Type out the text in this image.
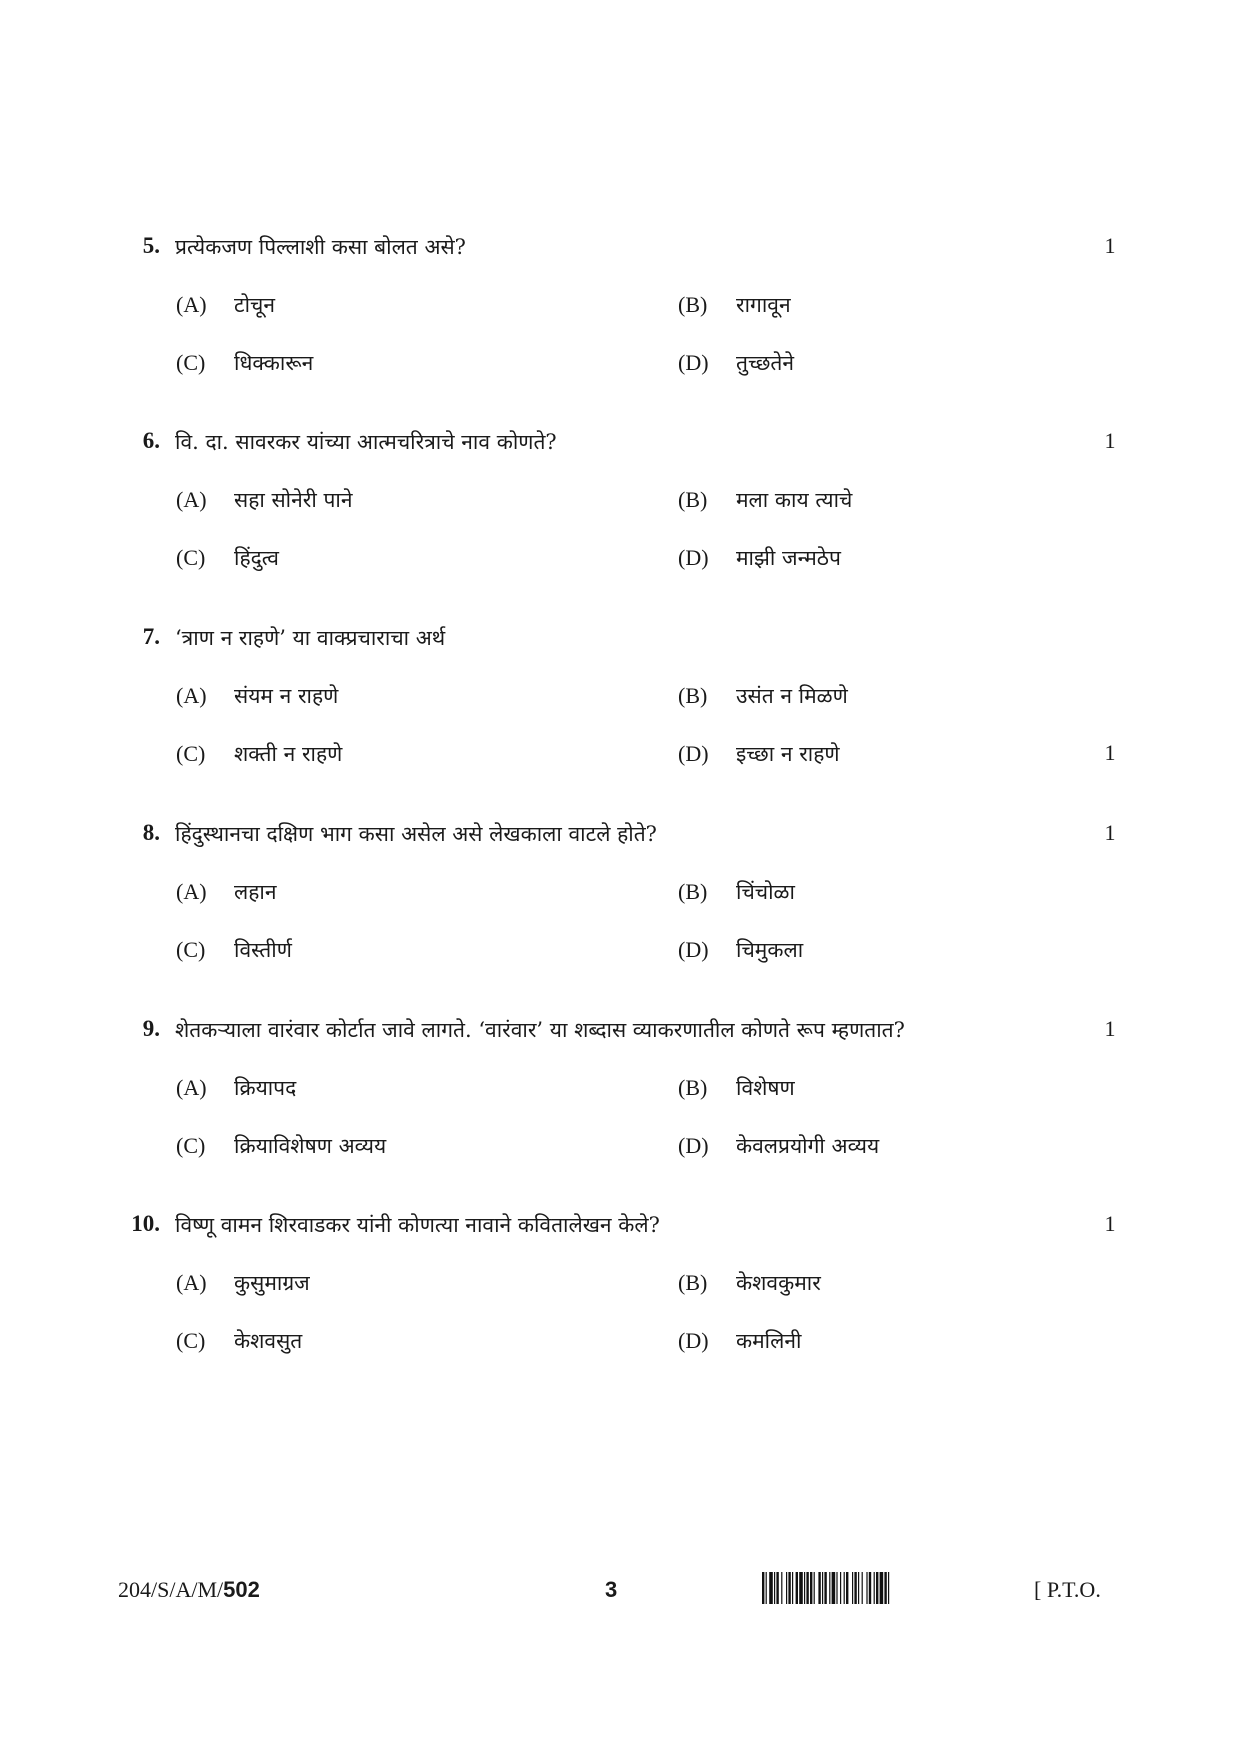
5. प्रत्येकजण पिल्लाशी कसा बोलत असे?	1
(A) टोचून	(B) रागावून
(C) धिक्कारून	(D) तुच्छतेने
6. वि. दा. सावरकर यांच्या आत्मचरित्राचे नाव कोणते?	1
(A) सहा सोनेरी पाने	(B) मला काय त्याचे
(C) हिंदुत्व	(D) माझी जन्मठेप
7. ‘त्राण न राहणे’ या वाक्प्रचाराचा अर्थ
1
(A) संयम न राहणे	(B) उसंत न मिळणे
(C) शक्ती न राहणे	(D) इच्छा न राहणे
8. हिंदुस्थानचा दक्षिण भाग कसा असेल असे लेखकाला वाटले होते?	1
(A) लहान	(B) चिंचोळा
(C) विस्तीर्ण	(D) चिमुकला
9. शेतकऱ्याला वारंवार कोर्टात जावे लागते. ‘वारंवार’ या शब्दास व्याकरणातील कोणते रूप म्हणतात?	1
(A) क्रियापद	(B) विशेषण
(C) क्रियाविशेषण अव्यय	(D) केवलप्रयोगी अव्यय
10. विष्णू वामन शिरवाडकर यांनी कोणत्या नावाने कवितालेखन केले?	1
(A) कुसुमाग्रज	(B) केशवकुमार
(C) केशवसुत	(D) कमलिनी
204/S/A/M/502	3	[ P.T.O.
